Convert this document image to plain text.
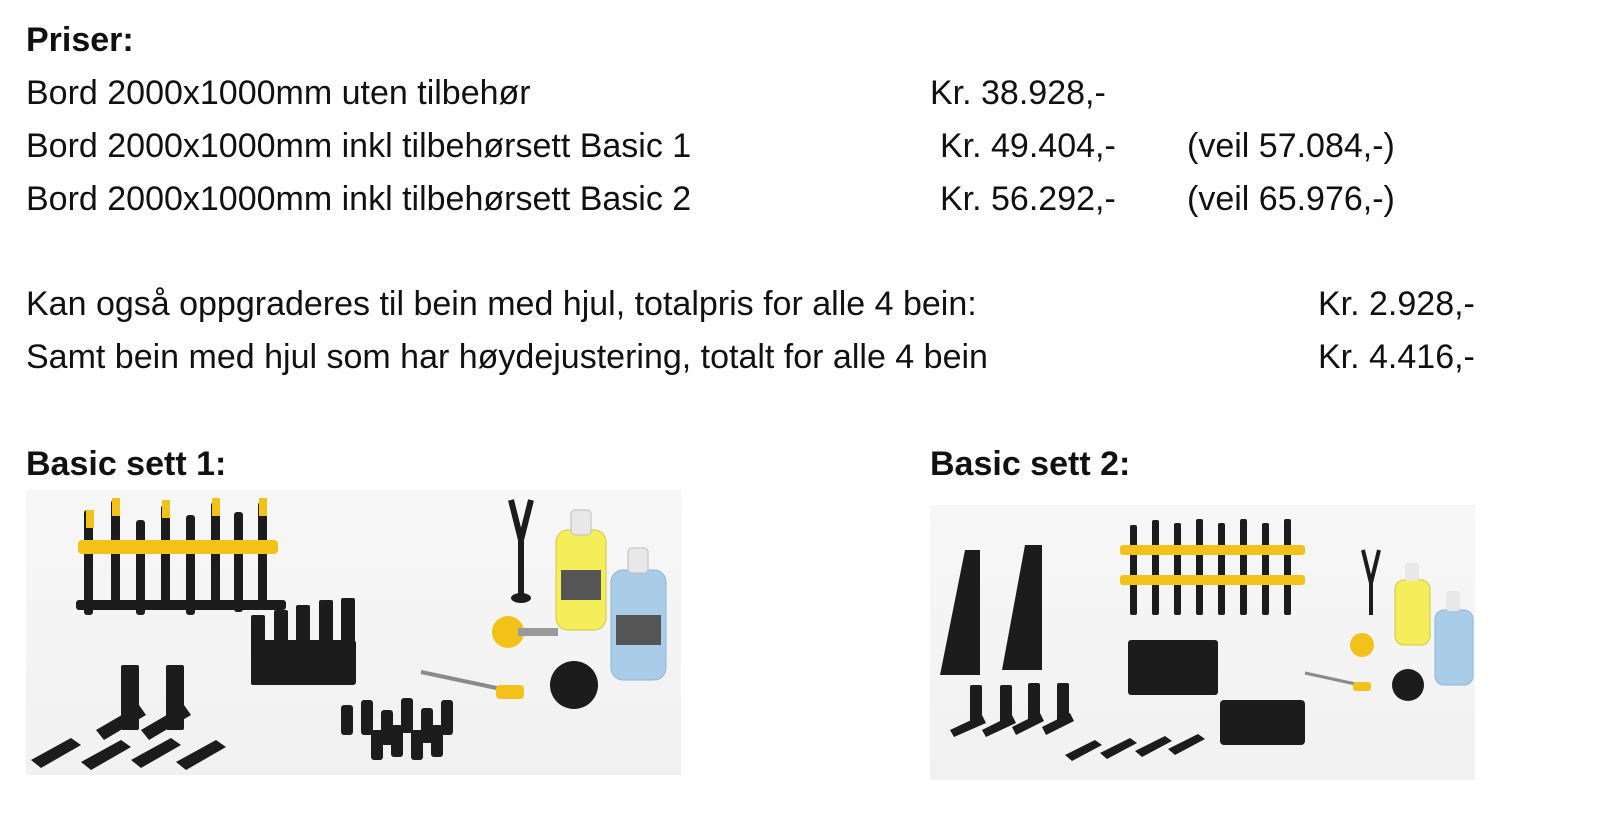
Priser:
Bord 2000x1000mm uten tilbehør	Kr. 38.928,-
Bord 2000x1000mm inkl tilbehørsett Basic 1	Kr. 49.404,- (veil 57.084,-)
Bord 2000x1000mm inkl tilbehørsett Basic 2	Kr. 56.292,- (veil 65.976,-)
Kan også oppgraderes til bein med hjul, totalpris for alle 4 bein:	Kr. 2.928,-
Samt bein med hjul som har høydejustering, totalt for alle 4 bein	Kr. 4.416,-
Basic sett 1:	Basic sett 2:
